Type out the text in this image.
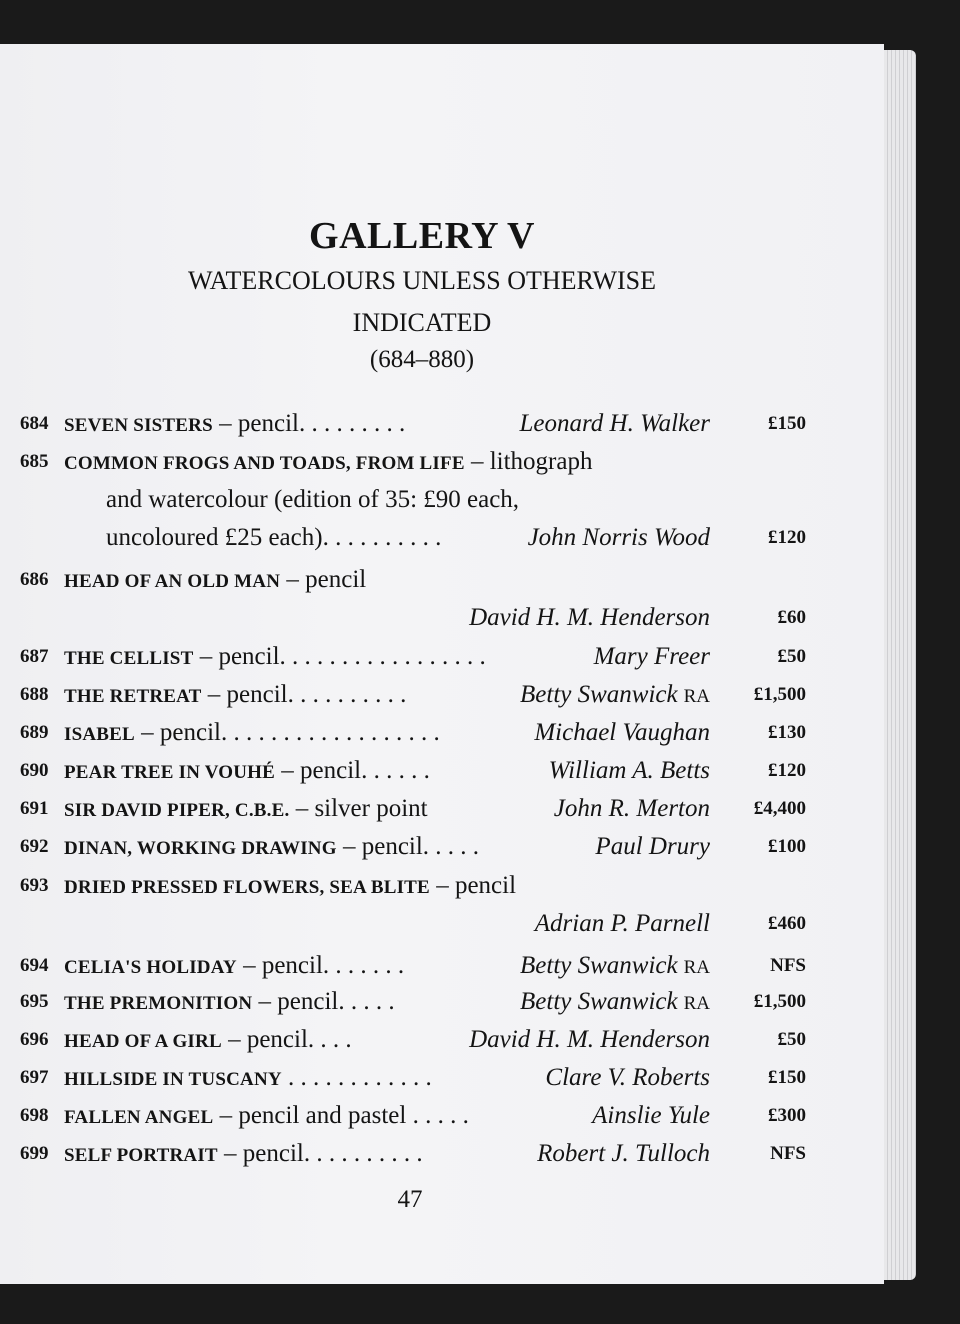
GALLERY V
WATERCOLOURS UNLESS OTHERWISE
INDICATED
(684–880)
684 SEVEN SISTERS – pencil. . . . . . . . .	Leonard H. Walker	£150
685 COMMON FROGS AND TOADS, FROM LIFE – lithograph
and watercolour (edition of 35: £90 each,
uncoloured £25 each). . . . . . . . . .	John Norris Wood	£120
686 HEAD OF AN OLD MAN – pencil
David H. M. Henderson	£60
687 THE CELLIST – pencil. . . . . . . . . . . . . . . . .	Mary Freer	£50
688 THE RETREAT – pencil. . . . . . . . . .	Betty Swanwick RA £1,500
689 ISABEL – pencil. . . . . . . . . . . . . . . . . .	Michael Vaughan	£130
690 PEAR TREE IN VOUHÉ – pencil. . . . . .	William A. Betts	£120
691 SIR DAVID PIPER, C.B.E. – silver point	John R. Merton £4,400
692 DINAN, WORKING DRAWING – pencil. . . . .	Paul Drury	£100
693 DRIED PRESSED FLOWERS, SEA BLITE – pencil
Adrian P. Parnell	£460
694 CELIA'S HOLIDAY – pencil. . . . . . .	Betty Swanwick RA	NFS
695 THE PREMONITION – pencil. . . . .	Betty Swanwick RA £1,500
696 HEAD OF A GIRL – pencil. . . .	David H. M. Henderson	£50
697 HILLSIDE IN TUSCANY . . . . . . . . . . . .	Clare V. Roberts	£150
698 FALLEN ANGEL – pencil and pastel . . . . .	Ainslie Yule	£300
699 SELF PORTRAIT – pencil. . . . . . . . . .	Robert J. Tulloch	NFS
47
